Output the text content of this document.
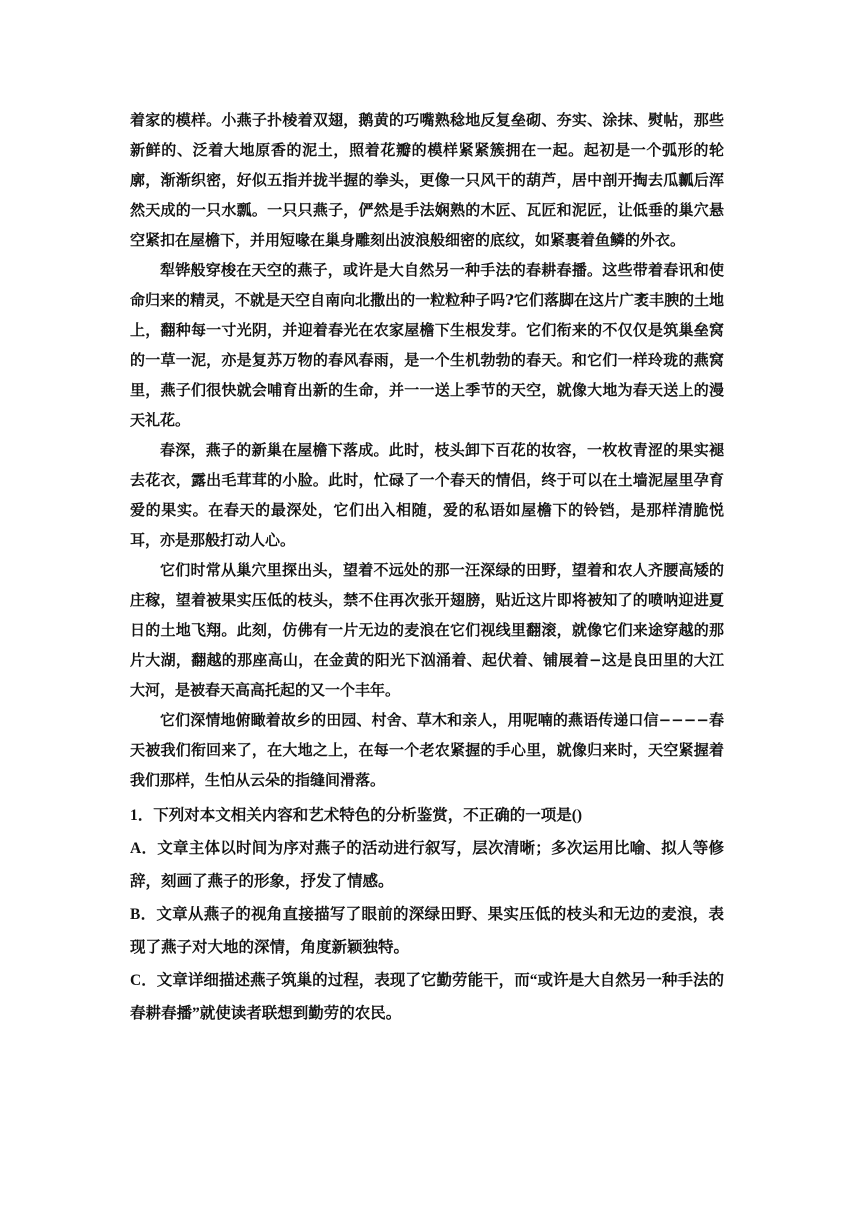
着家的模样。小燕子扑棱着双翅，鹅黄的巧嘴熟稔地反复垒砌、夯实、涂抹、熨帖，那些新鲜的、泛着大地原香的泥土，照着花瓣的模样紧紧簇拥在一起。起初是一个弧形的轮廓，渐渐织密，好似五指并拢半握的拳头，更像一只风干的葫芦，居中剖开掏去瓜瓤后浑然天成的一只水瓢。一只只燕子，俨然是手法娴熟的木匠、瓦匠和泥匠，让低垂的巢穴悬空紧扣在屋檐下，并用短喙在巢身雕刻出波浪般细密的底纹，如紧裹着鱼鳞的外衣。

犁铧般穿梭在天空的燕子，或许是大自然另一种手法的春耕春播。这些带着春讯和使命归来的精灵，不就是天空自南向北撒出的一粒粒种子吗?它们落脚在这片广袤丰腴的土地上，翻种每一寸光阴，并迎着春光在农家屋檐下生根发芽。它们衔来的不仅仅是筑巢垒窝的一草一泥，亦是复苏万物的春风春雨，是一个生机勃勃的春天。和它们一样玲珑的燕窝里，燕子们很快就会哺育出新的生命，并一一送上季节的天空，就像大地为春天送上的漫天礼花。

春深，燕子的新巢在屋檐下落成。此时，枝头卸下百花的妆容，一枚枚青涩的果实褪去花衣，露出毛茸茸的小脸。此时，忙碌了一个春天的情侣，终于可以在土墙泥屋里孕育爱的果实。在春天的最深处，它们出入相随，爱的私语如屋檐下的铃铛，是那样清脆悦耳，亦是那般打动人心。

它们时常从巢穴里探出头，望着不远处的那一汪深绿的田野，望着和农人齐腰高矮的庄稼，望着被果实压低的枝头，禁不住再次张开翅膀，贴近这片即将被知了的喷呐迎进夏日的土地飞翔。此刻，仿佛有一片无边的麦浪在它们视线里翻滚，就像它们来途穿越的那片大湖，翻越的那座高山，在金黄的阳光下汹涌着、起伏着、铺展着−这是良田里的大江大河，是被春天高高托起的又一个丰年。

它们深情地俯瞰着故乡的田园、村舍、草木和亲人，用呢喃的燕语传递口信−−−−春天被我们衔回来了，在大地之上，在每一个老农紧握的手心里，就像归来时，天空紧握着我们那样，生怕从云朵的指缝间滑落。

1．下列对本文相关内容和艺术特色的分析鉴赏，不正确的一项是()

A．文章主体以时间为序对燕子的活动进行叙写，层次清晰；多次运用比喻、拟人等修辞，刻画了燕子的形象，抒发了情感。

B．文章从燕子的视角直接描写了眼前的深绿田野、果实压低的枝头和无边的麦浪，表现了燕子对大地的深情，角度新颖独特。

C．文章详细描述燕子筑巢的过程，表现了它勤劳能干，而“或许是大自然另一种手法的春耕春播”就使读者联想到勤劳的农民。
